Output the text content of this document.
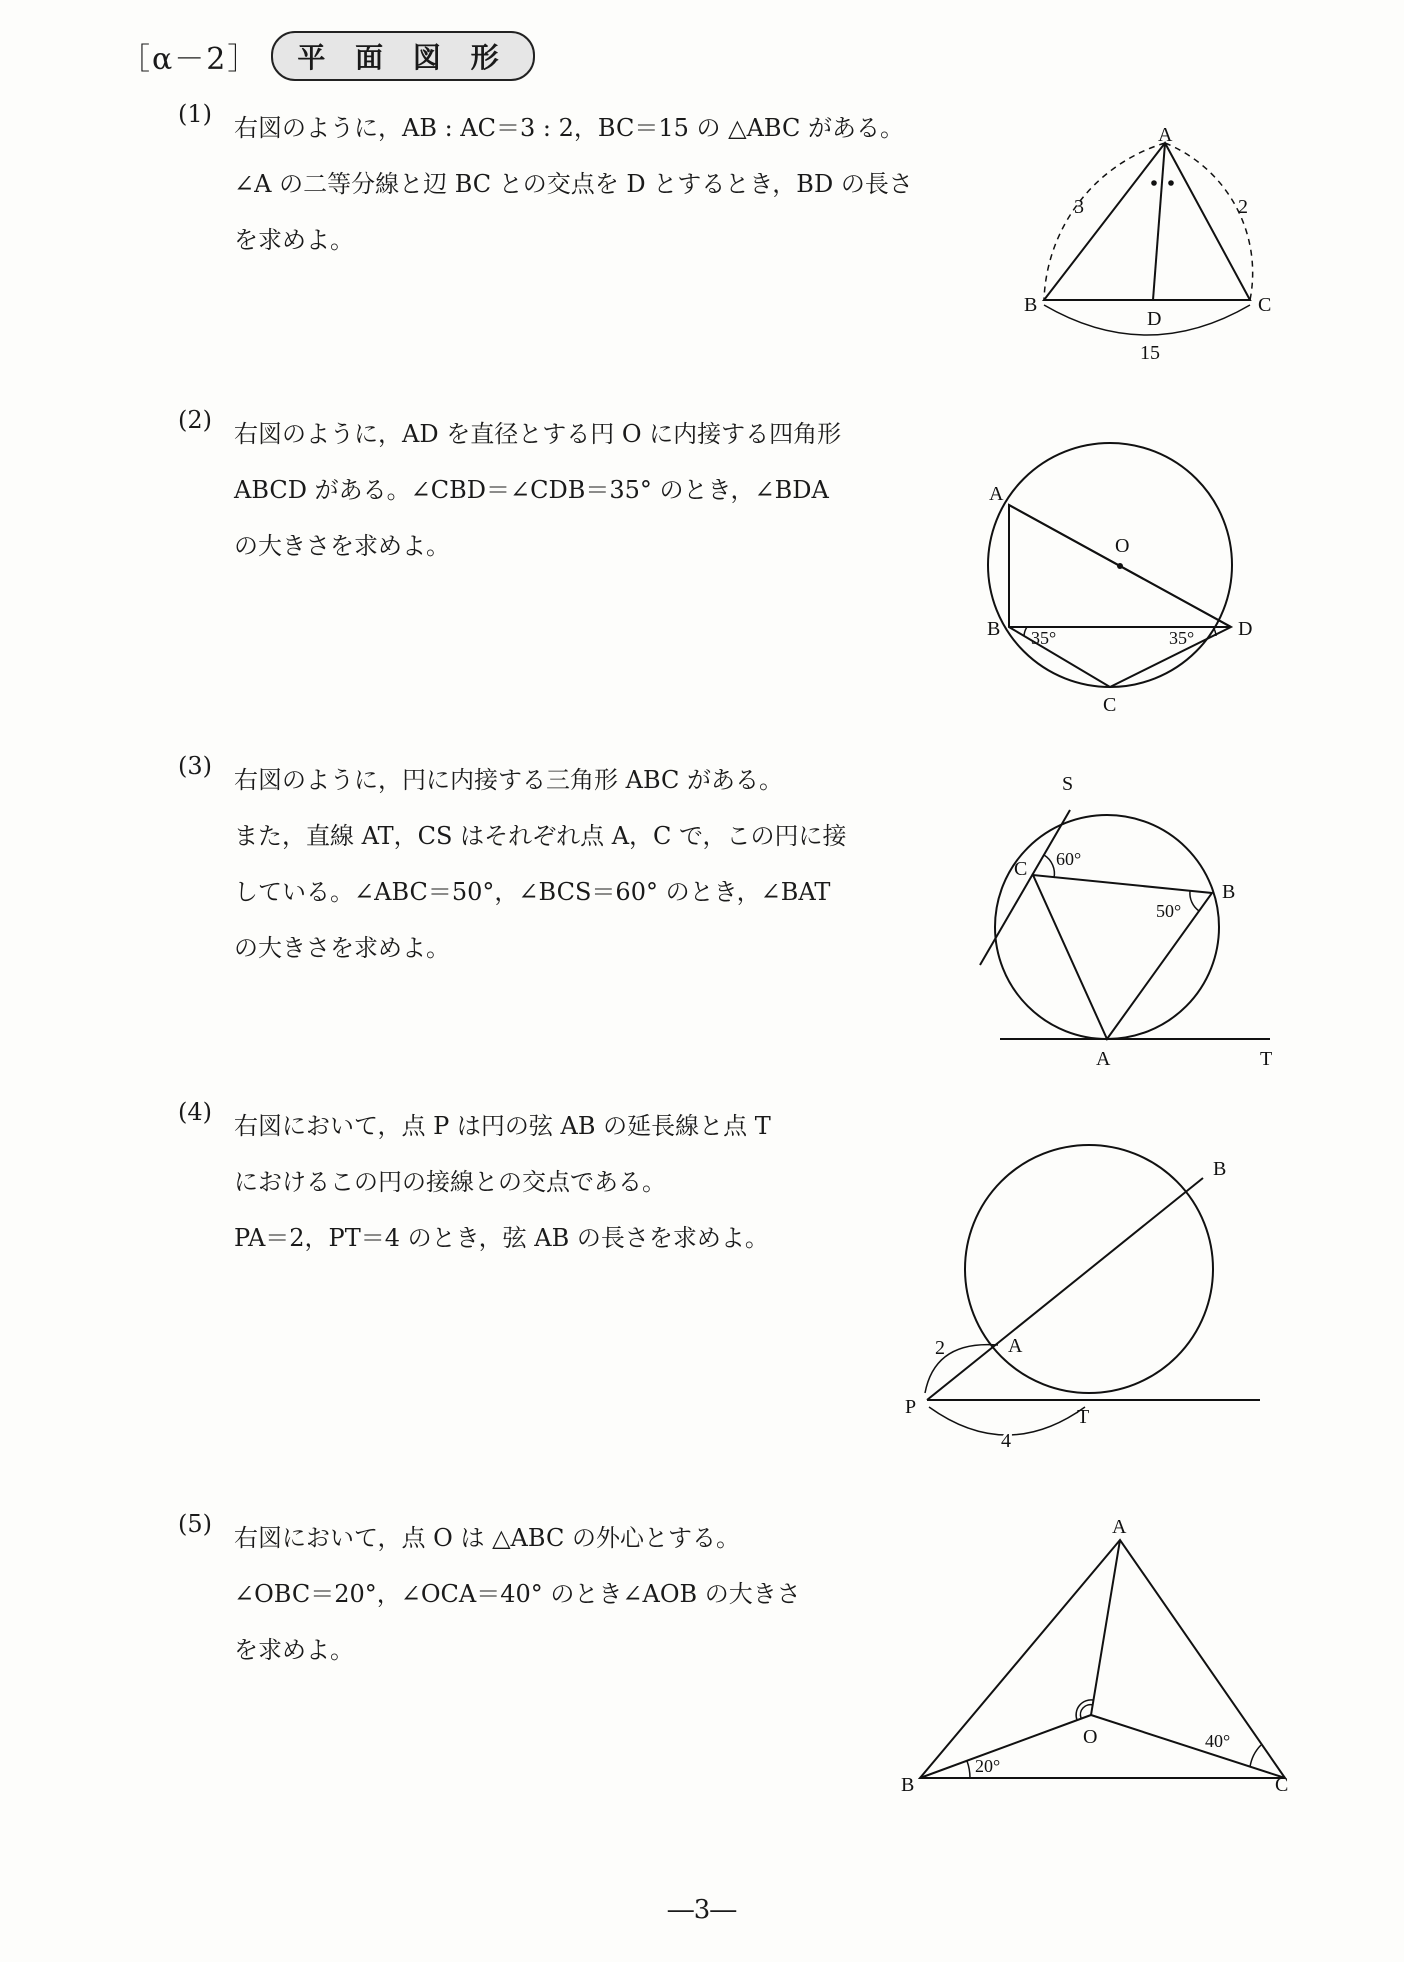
［α－2］	平 面 図 形
(1) 右図のように，AB : AC＝3 : 2，BC＝15 の △ABC がある。
∠A の二等分線と辺 BC との交点を D とするとき，BD の長さ
を求めよ。
A
B	C
D
3	2
15
(2) 右図のように，AD を直径とする円 O に内接する四角形
ABCD がある。∠CBD＝∠CDB＝35° のとき，∠BDA
の大きさを求めよ。
A
O
B	D
C
35°	35°
(3) 右図のように，円に内接する三角形 ABC がある。
また，直線 AT，CS はそれぞれ点 A，C で，この円に接
している。∠ABC＝50°，∠BCS＝60° のとき，∠BAT
の大きさを求めよ。
S
C
B
A	T
60°
50°
(4) 右図において，点 P は円の弦 AB の延長線と点 T
におけるこの円の接線との交点である。
PA＝2，PT＝4 のとき，弦 AB の長さを求めよ。
B
A
P	T
2
4
(5) 右図において，点 O は △ABC の外心とする。
∠OBC＝20°，∠OCA＝40° のとき∠AOB の大きさ
を求めよ。
A
O
B	C
20°
40°
―3―
